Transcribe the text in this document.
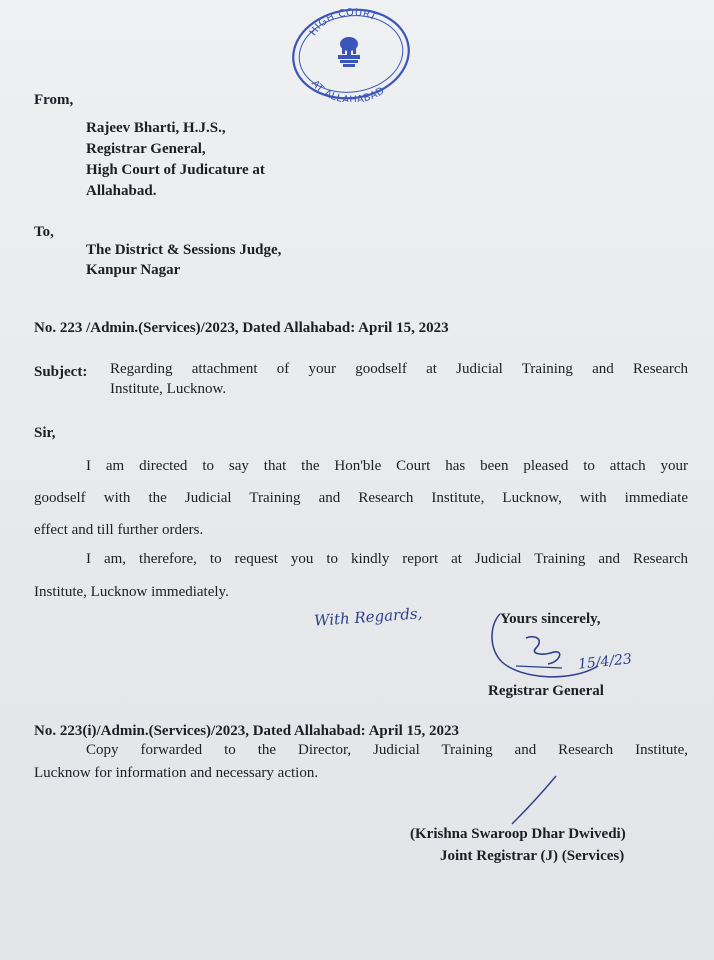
HIGH COURT
AT ALLAHABAD
From,
Rajeev Bharti, H.J.S.,
Registrar General,
High Court of Judicature at
Allahabad.
To,
The District & Sessions Judge,
Kanpur Nagar
No. 223 /Admin.(Services)/2023, Dated Allahabad: April 15, 2023
Subject: Regarding attachment of your goodself at Judicial Training and Research
Institute, Lucknow.
Sir,
I am directed to say that the Hon'ble Court has been pleased to attach your
goodself with the Judicial Training and Research Institute, Lucknow, with immediate
effect and till further orders.
I am, therefore, to request you to kindly report at Judicial Training and Research
Institute, Lucknow immediately.
With Regards,	Yours sincerely,
15/4/23
Registrar General
No. 223(i)/Admin.(Services)/2023, Dated Allahabad: April 15, 2023
Copy forwarded to the Director, Judicial Training and Research Institute,
Lucknow for information and necessary action.
(Krishna Swaroop Dhar Dwivedi)
Joint Registrar (J) (Services)
